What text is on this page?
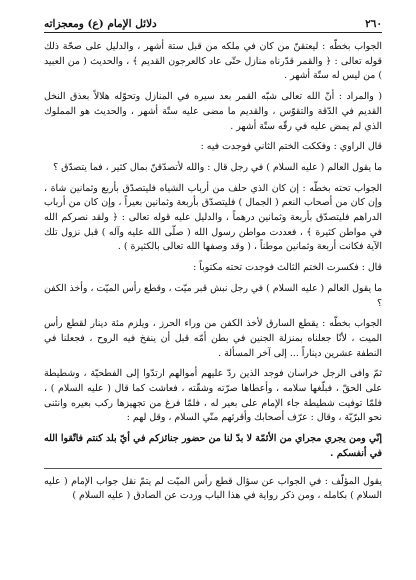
٢٦٠
دلائل الإمام (ع) ومعجزاته
الجواب بخطّه : ليعتقنّ من كان في ملكه من قبل ستة أشهر ، والدليل على صحّة ذلك قوله تعالى : ﴿ والقمر قدّرناه منازل حتّى عاد كالعرجون القديم ﴾ ، والحديث ( من العبيد ) من ليس له ستّة أشهر .
( والمراد : أنّ الله تعالى شبّه القمر بعد سيره في المنازل وتحوّله هلالاً بعذق النخل القديم في الدّقة والتقوّس ، والقديم ما مضى عليه ستّة أشهر ، والحديث هو المملوك الذي لم يمض عليه في رقّه ستّة أشهر .
قال الراوي : وفككت الختم الثاني فوجدت فيه :
ما يقول العالم ( عليه السلام ) في رجل قال : والله لأتصدّقنّ بمال كثير ، فما يتصدّق ؟
الجواب تحته بخطّه : إن كان الذي حلف من أرباب الشياه فليتصدّق بأربع وثمانين شاة ، وإن كان من أصحاب النعم ( الجمال ) فليتصدّق بأربعة وثمانين بعيراً ، وإن كان من أرباب الدراهم فليتصدّق بأربعة وثمانين درهماً ، والدليل عليه قوله تعالى : ﴿ ولقد نصركم الله في مواطن كثيرة ﴾ ، فعددت مواطن رسول الله ( صلّى الله عليه وآله ) قبل نزول تلك الآية فكانت أربعة وثمانين موطناً ، ( وقد وصفها الله تعالى بالكثيرة ) .
قال : فكسرت الختم الثالث فوجدت تحته مكتوباً :
ما يقول العالم ( عليه السلام ) في رجل نبش قبر ميّت ، وقطع رأس الميّت ، وأخذ الكفن ؟
الجواب بخطّه : يقطع السارق لأخذ الكفن من وراء الحرز ، ويلزم مئة دينار لقطع رأس الميت ، لأنّا جعلناه بمنزلة الجنين في بطن أمّه قبل أن ينفخ فيه الروح ، فجعلنا في النطفة عشرين ديناراً ... إلى آخر المسألة .
ثمّ وافى الرجل خراسان فوجد الذين ردّ عليهم أموالهم ارتدّوا إلى الفطحيّة ، وشطيطة على الحقّ ، فبلّغها سلامه ، وأعطاها صرّته وشقّته ، فعاشت كما قال ( عليه السلام ) ، فلمّا توفيت شطيطة جاء الإمام على بعير له ، فلمّا فرغ من تجهيزها ركب بعيره وانثنى نحو البرّيّة ، وقال : عرّف أصحابك وأقرئهم منّي السلام ، وقل لهم :
إنّي ومن يجري مجراي من الأئمّة لا بدّ لنا من حضور جنائزكم في أيّ بلد كنتم فاتّقوا الله في أنفسكم .
يقول المؤلّف : في الجواب عن سؤال قطع رأس الميّت لم يتمّ نقل جواب الإمام ( عليه السلام ) بكامله ، ومن ذكر رواية في هذا الباب وردت عن الصادق ( عليه السلام )
